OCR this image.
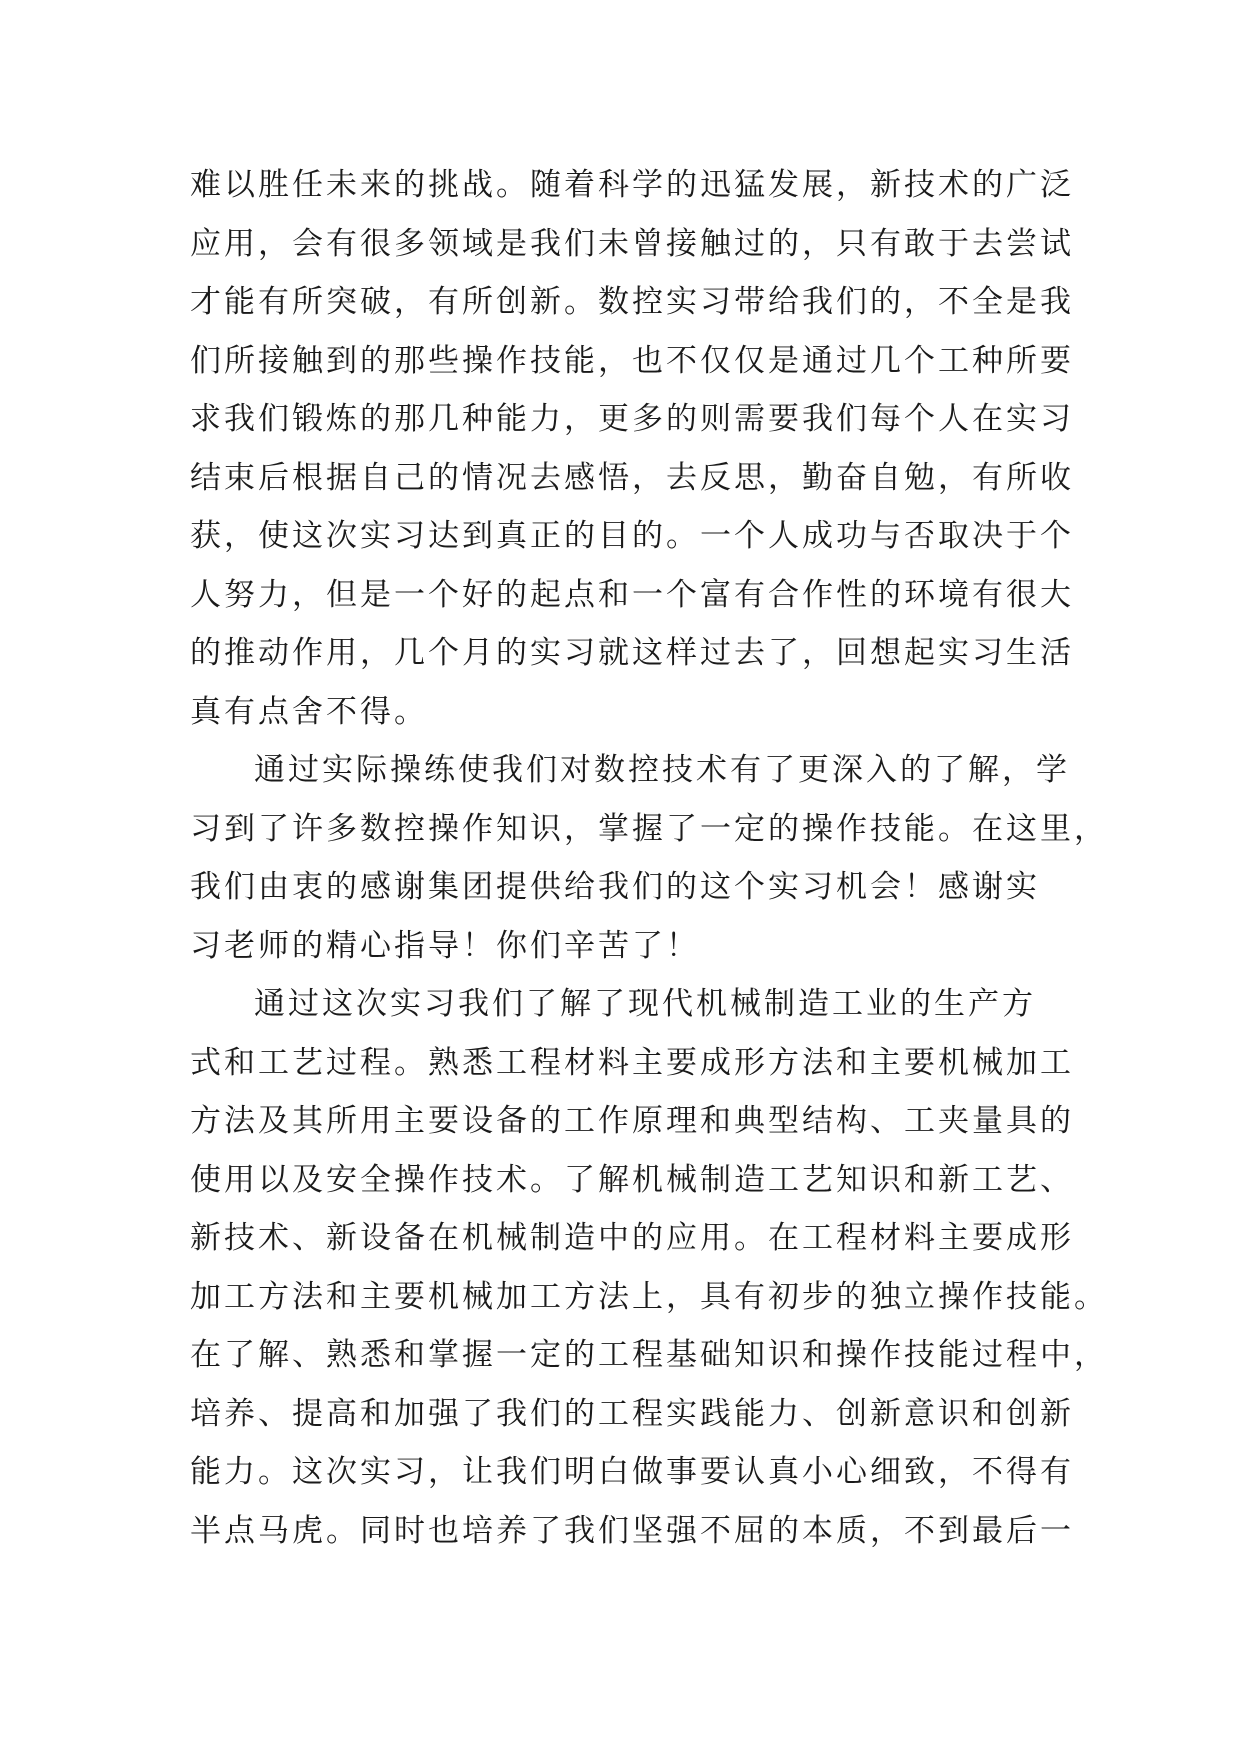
难以胜任未来的挑战。随着科学的迅猛发展，新技术的广泛
应用，会有很多领域是我们未曾接触过的，只有敢于去尝试
才能有所突破，有所创新。数控实习带给我们的，不全是我
们所接触到的那些操作技能，也不仅仅是通过几个工种所要
求我们锻炼的那几种能力，更多的则需要我们每个人在实习
结束后根据自己的情况去感悟，去反思，勤奋自勉，有所收
获，使这次实习达到真正的目的。一个人成功与否取决于个
人努力，但是一个好的起点和一个富有合作性的环境有很大
的推动作用，几个月的实习就这样过去了，回想起实习生活
真有点舍不得。
通过实际操练使我们对数控技术有了更深入的了解，学
习到了许多数控操作知识，掌握了一定的操作技能。在这里，
我们由衷的感谢集团提供给我们的这个实习机会！感谢实
习老师的精心指导！你们辛苦了！
通过这次实习我们了解了现代机械制造工业的生产方
式和工艺过程。熟悉工程材料主要成形方法和主要机械加工
方法及其所用主要设备的工作原理和典型结构、工夹量具的
使用以及安全操作技术。了解机械制造工艺知识和新工艺、
新技术、新设备在机械制造中的应用。在工程材料主要成形
加工方法和主要机械加工方法上，具有初步的独立操作技能。
在了解、熟悉和掌握一定的工程基础知识和操作技能过程中，
培养、提高和加强了我们的工程实践能力、创新意识和创新
能力。这次实习，让我们明白做事要认真小心细致，不得有
半点马虎。同时也培养了我们坚强不屈的本质，不到最后一
